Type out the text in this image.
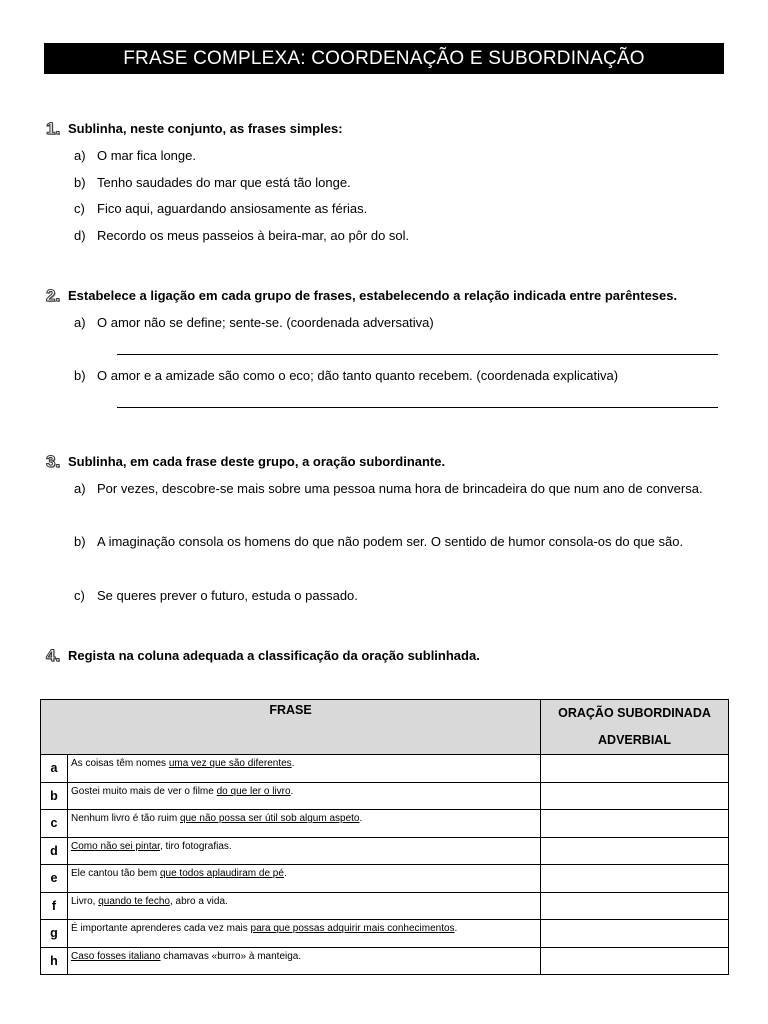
FRASE COMPLEXA: COORDENAÇÃO E SUBORDINAÇÃO
1. Sublinha, neste conjunto, as frases simples:
a) O mar fica longe.
b) Tenho saudades do mar que está tão longe.
c) Fico aqui, aguardando ansiosamente as férias.
d) Recordo os meus passeios à beira-mar, ao pôr do sol.
2. Estabelece a ligação em cada grupo de frases, estabelecendo a relação indicada entre parênteses.
a) O amor não se define; sente-se. (coordenada adversativa)
b) O amor e a amizade são como o eco; dão tanto quanto recebem. (coordenada explicativa)
3. Sublinha, em cada frase deste grupo, a oração subordinante.
a) Por vezes, descobre-se mais sobre uma pessoa numa hora de brincadeira do que num ano de conversa.
b) A imaginação consola os homens do que não podem ser. O sentido de humor consola-os do que são.
c) Se queres prever o futuro, estuda o passado.
4. Regista na coluna adequada a classificação da oração sublinhada.
FRASE		ORAÇÃO SUBORDINADA ADVERBIAL
a	As coisas têm nomes uma vez que são diferentes.	
b	Gostei muito mais de ver o filme do que ler o livro.	
c	Nenhum livro é tão ruim que não possa ser útil sob algum aspeto.	
d	Como não sei pintar, tiro fotografias.	
e	Ele cantou tão bem que todos aplaudiram de pé.	
f	Livro, quando te fecho, abro a vida.	
g	É importante aprenderes cada vez mais para que possas adquirir mais conhecimentos.	
h	Caso fosses italiano chamavas «burro» à manteiga.	
